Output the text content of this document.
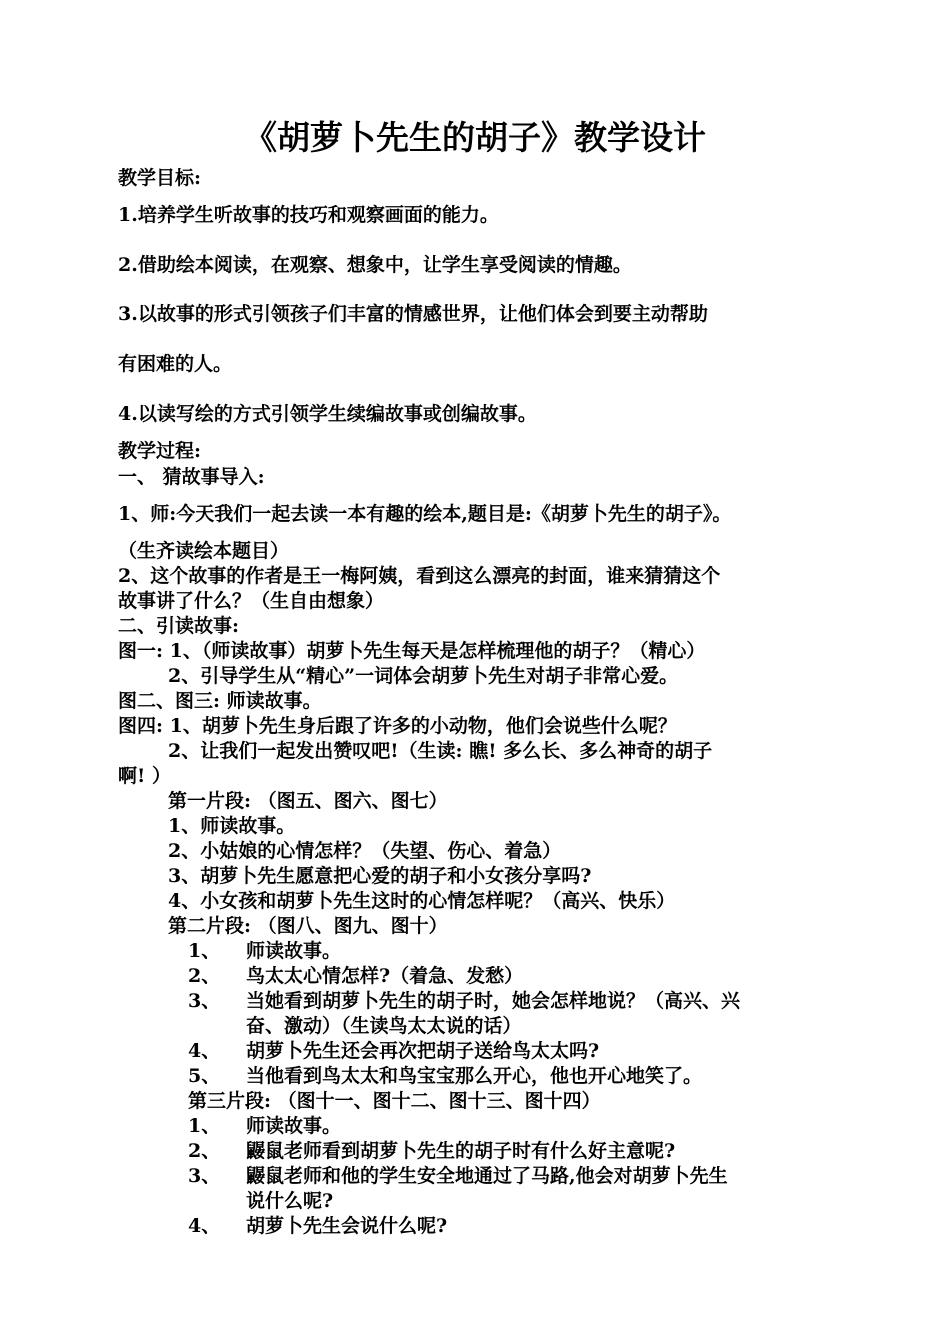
《胡萝卜先生的胡子》教学设计
教学目标:
1.培养学生听故事的技巧和观察画面的能力。
2.借助绘本阅读，在观察、想象中，让学生享受阅读的情趣。
3.以故事的形式引领孩子们丰富的情感世界，让他们体会到要主动帮助
有困难的人。
4.以读写绘的方式引领学生续编故事或创编故事。
教学过程:
一、 猜故事导入:
1、师:今天我们一起去读一本有趣的绘本,题目是:《胡萝卜先生的胡子》。
（生齐读绘本题目）
2、这个故事的作者是王一梅阿姨，看到这么漂亮的封面，谁来猜猜这个
故事讲了什么？（生自由想象）
二、引读故事:
图一: 1、（师读故事）胡萝卜先生每天是怎样梳理他的胡子？（精心）
2、引导学生从“精心”一词体会胡萝卜先生对胡子非常心爱。
图二、图三: 师读故事。
图四: 1、胡萝卜先生身后跟了许多的小动物，他们会说些什么呢？
2、让我们一起发出赞叹吧!（生读: 瞧! 多么长、多么神奇的胡子
啊! ）
第一片段: （图五、图六、图七）
1、师读故事。
2、小姑娘的心情怎样？（失望、伤心、着急）
3、胡萝卜先生愿意把心爱的胡子和小女孩分享吗?
4、小女孩和胡萝卜先生这时的心情怎样呢？（高兴、快乐）
第二片段: （图八、图九、图十）
1、 师读故事。
2、 鸟太太心情怎样?（着急、发愁）
3、 当她看到胡萝卜先生的胡子时，她会怎样地说？（高兴、兴
奋、激动）（生读鸟太太说的话）
4、 胡萝卜先生还会再次把胡子送给鸟太太吗?
5、 当他看到鸟太太和鸟宝宝那么开心，他也开心地笑了。
第三片段: （图十一、图十二、图十三、图十四）
1、 师读故事。
2、 鼹鼠老师看到胡萝卜先生的胡子时有什么好主意呢?
3、 鼹鼠老师和他的学生安全地通过了马路,他会对胡萝卜先生
说什么呢?
4、 胡萝卜先生会说什么呢?
